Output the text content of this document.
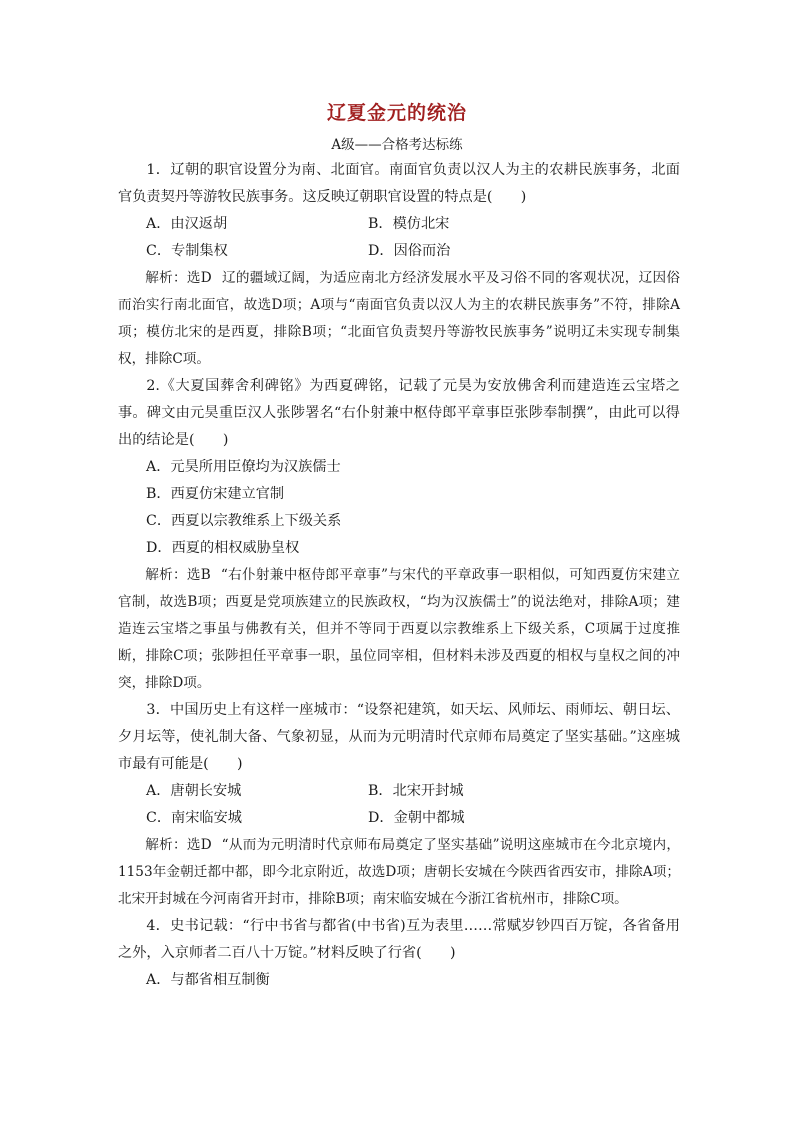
辽夏金元的统治
A级——合格考达标练

1．辽朝的职官设置分为南、北面官。南面官负责以汉人为主的农耕民族事务，北面官负责契丹等游牧民族事务。这反映辽朝职官设置的特点是(　　)

A．由汉返胡	B．模仿北宋
C．专制集权	D．因俗而治

解析：选D 辽的疆域辽阔，为适应南北方经济发展水平及习俗不同的客观状况，辽因俗而治实行南北面官，故选D项；A项与“南面官负责以汉人为主的农耕民族事务”不符，排除A项；模仿北宋的是西夏，排除B项；“北面官负责契丹等游牧民族事务”说明辽未实现专制集权，排除C项。

2.《大夏国葬舍利碑铭》为西夏碑铭，记载了元昊为安放佛舍利而建造连云宝塔之事。碑文由元昊重臣汉人张陟署名“右仆射兼中枢侍郎平章事臣张陟奉制撰”，由此可以得出的结论是(　　)

A．元昊所用臣僚均为汉族儒士
B．西夏仿宋建立官制
C．西夏以宗教维系上下级关系
D．西夏的相权威胁皇权

解析：选B “右仆射兼中枢侍郎平章事”与宋代的平章政事一职相似，可知西夏仿宋建立官制，故选B项；西夏是党项族建立的民族政权，“均为汉族儒士”的说法绝对，排除A项；建造连云宝塔之事虽与佛教有关，但并不等同于西夏以宗教维系上下级关系，C项属于过度推断，排除C项；张陟担任平章事一职，虽位同宰相，但材料未涉及西夏的相权与皇权之间的冲突，排除D项。

3．中国历史上有这样一座城市：“设祭祀建筑，如天坛、风师坛、雨师坛、朝日坛、夕月坛等，使礼制大备、气象初显，从而为元明清时代京师布局奠定了坚实基础。”这座城市最有可能是(　　)

A．唐朝长安城	B．北宋开封城
C．南宋临安城	D．金朝中都城

解析：选D “从而为元明清时代京师布局奠定了坚实基础”说明这座城市在今北京境内，1153年金朝迁都中都，即今北京附近，故选D项；唐朝长安城在今陕西省西安市，排除A项；北宋开封城在今河南省开封市，排除B项；南宋临安城在今浙江省杭州市，排除C项。

4．史书记载：“行中书省与都省(中书省)互为表里……常赋岁钞四百万锭，各省备用之外，入京师者二百八十万锭。”材料反映了行省(　　)

A．与都省相互制衡
